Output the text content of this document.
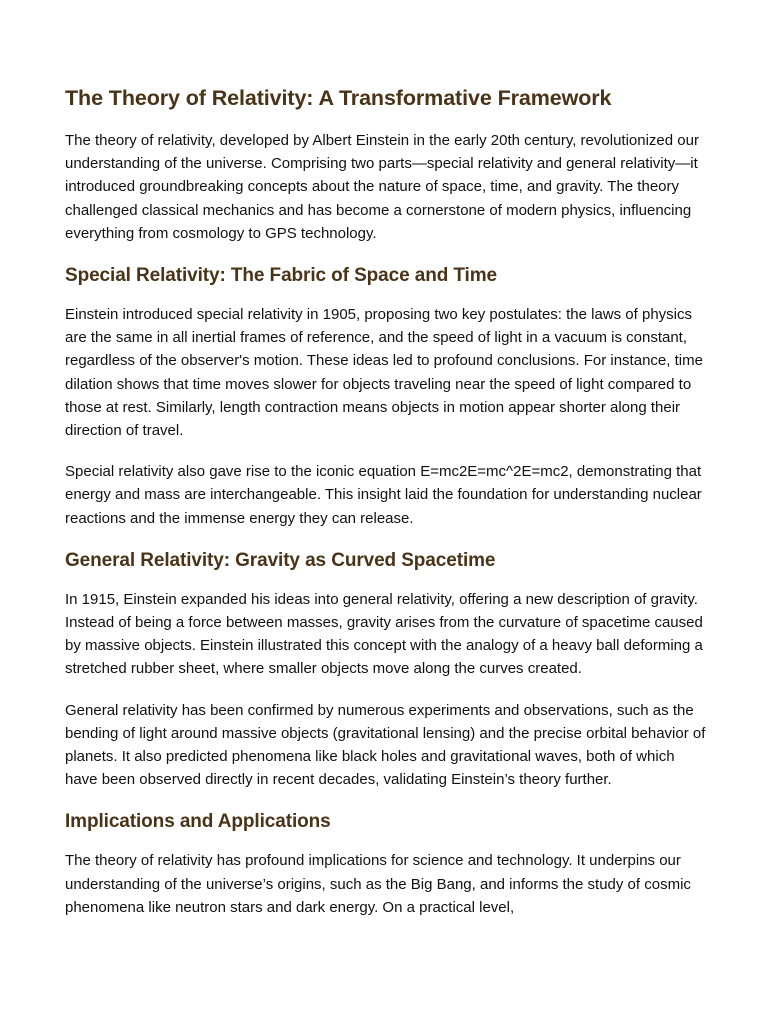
The Theory of Relativity: A Transformative Framework

The theory of relativity, developed by Albert Einstein in the early 20th century, revolutionized our understanding of the universe. Comprising two parts—special relativity and general relativity—it introduced groundbreaking concepts about the nature of space, time, and gravity. The theory challenged classical mechanics and has become a cornerstone of modern physics, influencing everything from cosmology to GPS technology.

Special Relativity: The Fabric of Space and Time

Einstein introduced special relativity in 1905, proposing two key postulates: the laws of physics are the same in all inertial frames of reference, and the speed of light in a vacuum is constant, regardless of the observer's motion. These ideas led to profound conclusions. For instance, time dilation shows that time moves slower for objects traveling near the speed of light compared to those at rest. Similarly, length contraction means objects in motion appear shorter along their direction of travel.

Special relativity also gave rise to the iconic equation E=mc2E=mc^2E=mc2, demonstrating that energy and mass are interchangeable. This insight laid the foundation for understanding nuclear reactions and the immense energy they can release.

General Relativity: Gravity as Curved Spacetime

In 1915, Einstein expanded his ideas into general relativity, offering a new description of gravity. Instead of being a force between masses, gravity arises from the curvature of spacetime caused by massive objects. Einstein illustrated this concept with the analogy of a heavy ball deforming a stretched rubber sheet, where smaller objects move along the curves created.

General relativity has been confirmed by numerous experiments and observations, such as the bending of light around massive objects (gravitational lensing) and the precise orbital behavior of planets. It also predicted phenomena like black holes and gravitational waves, both of which have been observed directly in recent decades, validating Einstein’s theory further.

Implications and Applications

The theory of relativity has profound implications for science and technology. It underpins our understanding of the universe’s origins, such as the Big Bang, and informs the study of cosmic phenomena like neutron stars and dark energy. On a practical level,
